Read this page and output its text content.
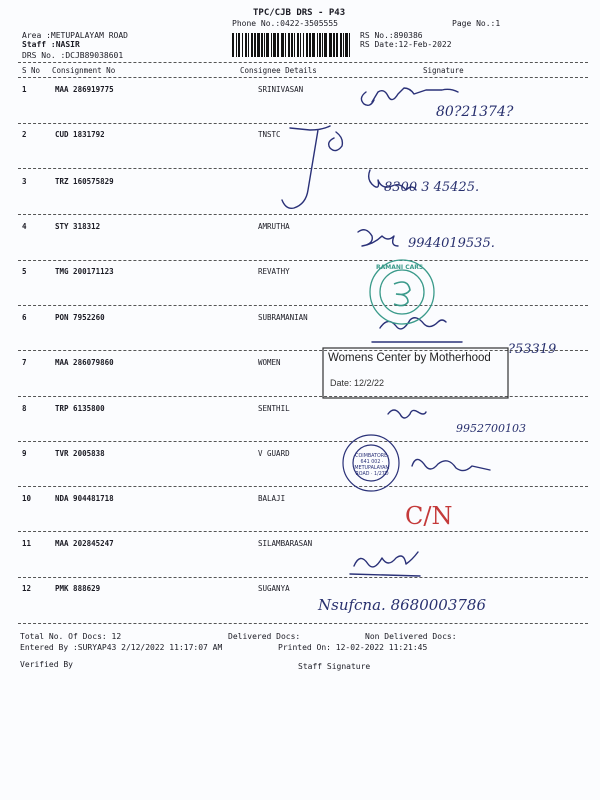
TPC/CJB DRS - P43
Phone No.:0422-3505555	Page No.:1
Area :METUPALAYAM ROAD
Staff :NASIR
DRS No. :DCJB89038601
RS No.:890386
RS Date:12-Feb-2022
S No Consignment No	Consignee Details	Signature
1	MAA 286919775	SRINIVASAN
2	CUD 1831792	TNSTC
3	TRZ 160575829
4	STY 318312	AMRUTHA
5	TMG 200171123	REVATHY
6	PON 7952260	SUBRAMANIAN
7	MAA 286079860	WOMEN
8	TRP 6135800	SENTHIL
9	TVR 2005838	V GUARD
10	NDA 904481718	BALAJI
11	MAA 202845247	SILAMBARASAN
12	PMK 888629	SUGANYA
80?21374?
8300 3 45425.
9944019535.
?53319
9952700103
C/N
Nsufcna. 8680003786
RAMANI CARS
Womens Center by Motherhood
Date: 12/2/22
COIMBATORE-641 002 · METUPALAYAM ROAD · 1/27D
Total No. Of Docs: 12	Delivered Docs:	Non Delivered Docs:
Entered By :SURYAP43 2/12/2022 11:17:07 AM	Printed On: 12-02-2022 11:21:45
Verified By	Staff Signature
